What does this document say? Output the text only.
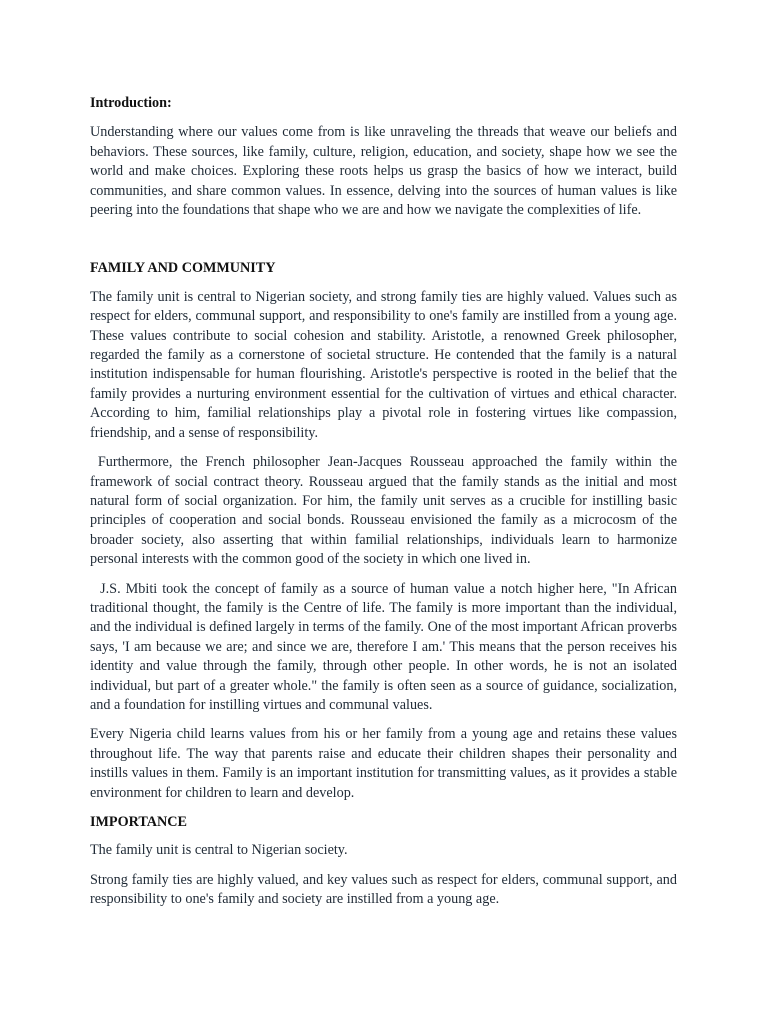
Introduction:

Understanding where our values come from is like unraveling the threads that weave our beliefs and behaviors. These sources, like family, culture, religion, education, and society, shape how we see the world and make choices. Exploring these roots helps us grasp the basics of how we interact, build communities, and share common values. In essence, delving into the sources of human values is like peering into the foundations that shape who we are and how we navigate the complexities of life.

FAMILY AND COMMUNITY

The family unit is central to Nigerian society, and strong family ties are highly valued. Values such as respect for elders, communal support, and responsibility to one's family are instilled from a young age. These values contribute to social cohesion and stability. Aristotle, a renowned Greek philosopher, regarded the family as a cornerstone of societal structure. He contended that the family is a natural institution indispensable for human flourishing. Aristotle's perspective is rooted in the belief that the family provides a nurturing environment essential for the cultivation of virtues and ethical character. According to him, familial relationships play a pivotal role in fostering virtues like compassion, friendship, and a sense of responsibility.

Furthermore, the French philosopher Jean-Jacques Rousseau approached the family within the framework of social contract theory. Rousseau argued that the family stands as the initial and most natural form of social organization. For him, the family unit serves as a crucible for instilling basic principles of cooperation and social bonds. Rousseau envisioned the family as a microcosm of the broader society, also asserting that within familial relationships, individuals learn to harmonize personal interests with the common good of the society in which one lived in.

J.S. Mbiti took the concept of family as a source of human value a notch higher here, "In African traditional thought, the family is the Centre of life. The family is more important than the individual, and the individual is defined largely in terms of the family. One of the most important African proverbs says, 'I am because we are; and since we are, therefore I am.' This means that the person receives his identity and value through the family, through other people. In other words, he is not an isolated individual, but part of a greater whole." the family is often seen as a source of guidance, socialization, and a foundation for instilling virtues and communal values.

Every Nigeria child learns values from his or her family from a young age and retains these values throughout life. The way that parents raise and educate their children shapes their personality and instills values in them. Family is an important institution for transmitting values, as it provides a stable environment for children to learn and develop.

IMPORTANCE

The family unit is central to Nigerian society.

Strong family ties are highly valued, and key values such as respect for elders, communal support, and responsibility to one's family and society are instilled from a young age.
